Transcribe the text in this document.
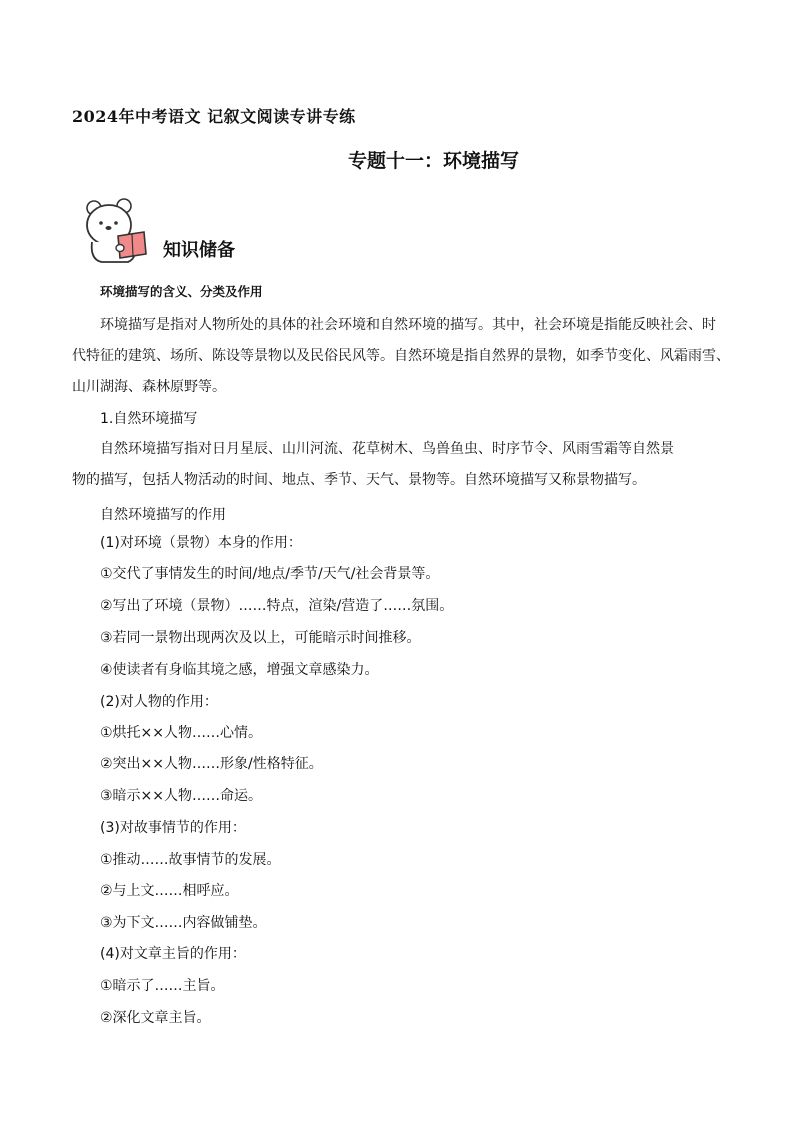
2024年中考语文 记叙文阅读专讲专练
专题十一：环境描写
知识储备
环境描写的含义、分类及作用
环境描写是指对人物所处的具体的社会环境和自然环境的描写。其中，社会环境是指能反映社会、时
代特征的建筑、场所、陈设等景物以及民俗民风等。自然环境是指自然界的景物，如季节变化、风霜雨雪、
山川湖海、森林原野等。
1.自然环境描写
自然环境描写指对日月星辰、山川河流、花草树木、鸟兽鱼虫、时序节令、风雨雪霜等自然景
物的描写，包括人物活动的时间、地点、季节、天气、景物等。自然环境描写又称景物描写。
自然环境描写的作用
(1)对环境（景物）本身的作用：
①交代了事情发生的时间/地点/季节/天气/社会背景等。
②写出了环境（景物）……特点，渲染/营造了……氛围。
③若同一景物出现两次及以上，可能暗示时间推移。
④使读者有身临其境之感，增强文章感染力。
(2)对人物的作用：
①烘托××人物……心情。
②突出××人物……形象/性格特征。
③暗示××人物……命运。
(3)对故事情节的作用：
①推动……故事情节的发展。
②与上文……相呼应。
③为下文……内容做铺垫。
(4)对文章主旨的作用：
①暗示了……主旨。
②深化文章主旨。
